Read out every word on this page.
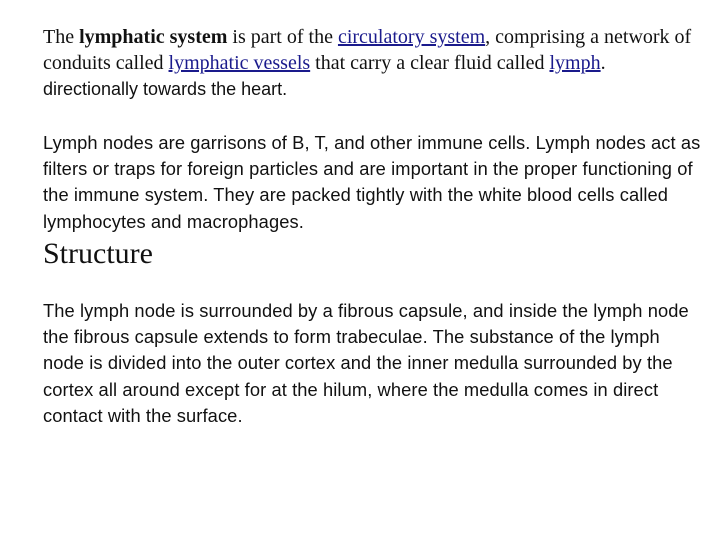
The lymphatic system is part of the circulatory system, comprising a network of conduits called lymphatic vessels that carry a clear fluid called lymph. directionally towards the heart.

Lymph nodes are garrisons of B, T, and other immune cells. Lymph nodes act as filters or traps for foreign particles and are important in the proper functioning of the immune system. They are packed tightly with the white blood cells called lymphocytes and macrophages.

Structure

The lymph node is surrounded by a fibrous capsule, and inside the lymph node the fibrous capsule extends to form trabeculae. The substance of the lymph node is divided into the outer cortex and the inner medulla surrounded by the cortex all around except for at the hilum, where the medulla comes in direct contact with the surface.
